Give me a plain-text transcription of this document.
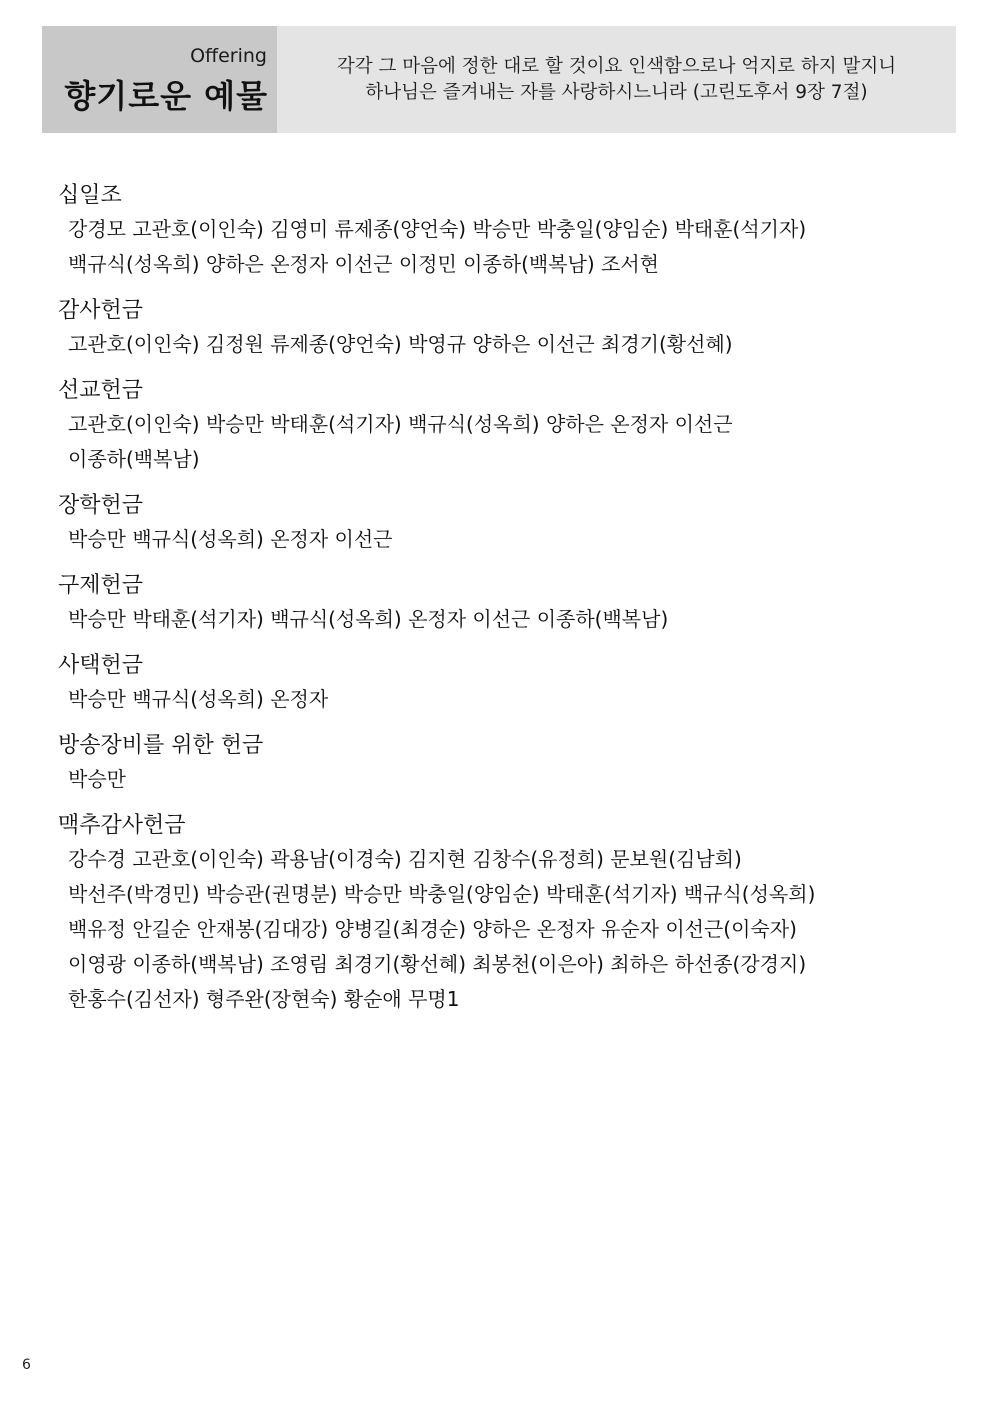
Offering
향기로운 예물
각각 그 마음에 정한 대로 할 것이요 인색함으로나 억지로 하지 말지니
하나님은 즐겨내는 자를 사랑하시느니라 (고린도후서 9장 7절)
십일조
강경모 고관호(이인숙) 김영미 류제종(양언숙) 박승만 박충일(양임순) 박태훈(석기자)
백규식(성옥희) 양하은 온정자 이선근 이정민 이종하(백복남) 조서현
감사헌금
고관호(이인숙) 김정원 류제종(양언숙) 박영규 양하은 이선근 최경기(황선혜)
선교헌금
고관호(이인숙) 박승만 박태훈(석기자) 백규식(성옥희) 양하은 온정자 이선근
이종하(백복남)
장학헌금
박승만 백규식(성옥희) 온정자 이선근
구제헌금
박승만 박태훈(석기자) 백규식(성옥희) 온정자 이선근 이종하(백복남)
사택헌금
박승만 백규식(성옥희) 온정자
방송장비를 위한 헌금
박승만
맥추감사헌금
강수경 고관호(이인숙) 곽용남(이경숙) 김지현 김창수(유정희) 문보원(김남희)
박선주(박경민) 박승관(권명분) 박승만 박충일(양임순) 박태훈(석기자) 백규식(성옥희)
백유정 안길순 안재봉(김대강) 양병길(최경순) 양하은 온정자 유순자 이선근(이숙자)
이영광 이종하(백복남) 조영림 최경기(황선혜) 최봉천(이은아) 최하은 하선종(강경지)
한홍수(김선자) 형주완(장현숙) 황순애 무명1
6
